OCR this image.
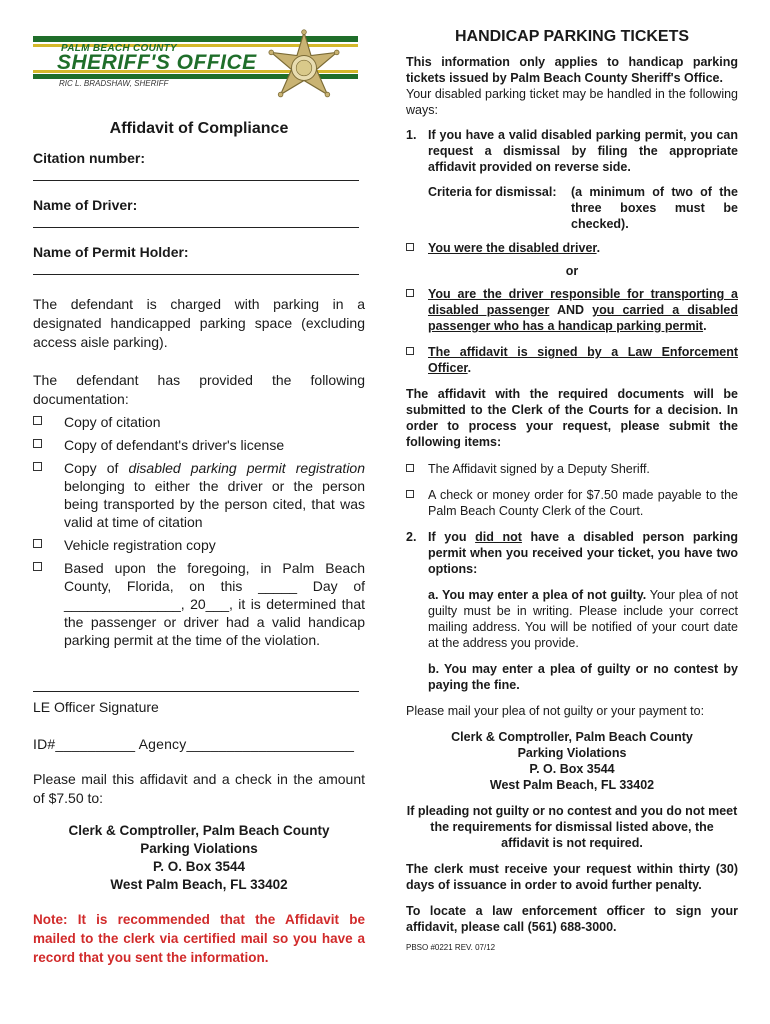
PALM BEACH COUNTY
SHERIFF'S OFFICE
RIC L. BRADSHAW, SHERIFF
Affidavit of Compliance
Citation number:
Name of Driver:
Name of Permit Holder:
The defendant is charged with parking in a designated handicapped parking space (excluding access aisle parking).
The defendant has provided the following documentation:
Copy of citation
Copy of defendant's driver's license
Copy of disabled parking permit registration belonging to either the driver or the person being transported by the person cited, that was valid at time of citation
Vehicle registration copy
Based upon the foregoing, in Palm Beach County, Florida, on this _____ Day of _______________, 20___, it is determined that the passenger or driver had a valid handicap parking permit at the time of the violation.
LE Officer Signature
ID#__________ Agency_____________________
Please mail this affidavit and a check in the amount of $7.50 to:
Clerk & Comptroller, Palm Beach County
Parking Violations
P. O. Box 3544
West Palm Beach, FL 33402
Note: It is recommended that the Affidavit be mailed to the clerk via certified mail so you have a record that you sent the information.
HANDICAP PARKING TICKETS
This information only applies to handicap parking tickets issued by Palm Beach County Sheriff's Office.
Your disabled parking ticket may be handled in the following ways:
1. If you have a valid disabled parking permit, you can request a dismissal by filing the appropriate affidavit provided on reverse side.
Criteria for dismissal: (a minimum of two of the three boxes must be checked).
You were the disabled driver.
or
You are the driver responsible for transporting a disabled passenger AND you carried a disabled passenger who has a handicap parking permit.
The affidavit is signed by a Law Enforcement Officer.
The affidavit with the required documents will be submitted to the Clerk of the Courts for a decision. In order to process your request, please submit the following items:
The Affidavit signed by a Deputy Sheriff.
A check or money order for $7.50 made payable to the Palm Beach County Clerk of the Court.
2. If you did not have a disabled person parking permit when you received your ticket, you have two options:
a. You may enter a plea of not guilty. Your plea of not guilty must be in writing. Please include your correct mailing address. You will be notified of your court date at the address you provide.
b. You may enter a plea of guilty or no contest by paying the fine.
Please mail your plea of not guilty or your payment to:
Clerk & Comptroller, Palm Beach County
Parking Violations
P. O. Box 3544
West Palm Beach, FL 33402
If pleading not guilty or no contest and you do not meet the requirements for dismissal listed above, the affidavit is not required.
The clerk must receive your request within thirty (30) days of issuance in order to avoid further penalty.
To locate a law enforcement officer to sign your affidavit, please call (561) 688-3000.
PBSO #0221 REV. 07/12
